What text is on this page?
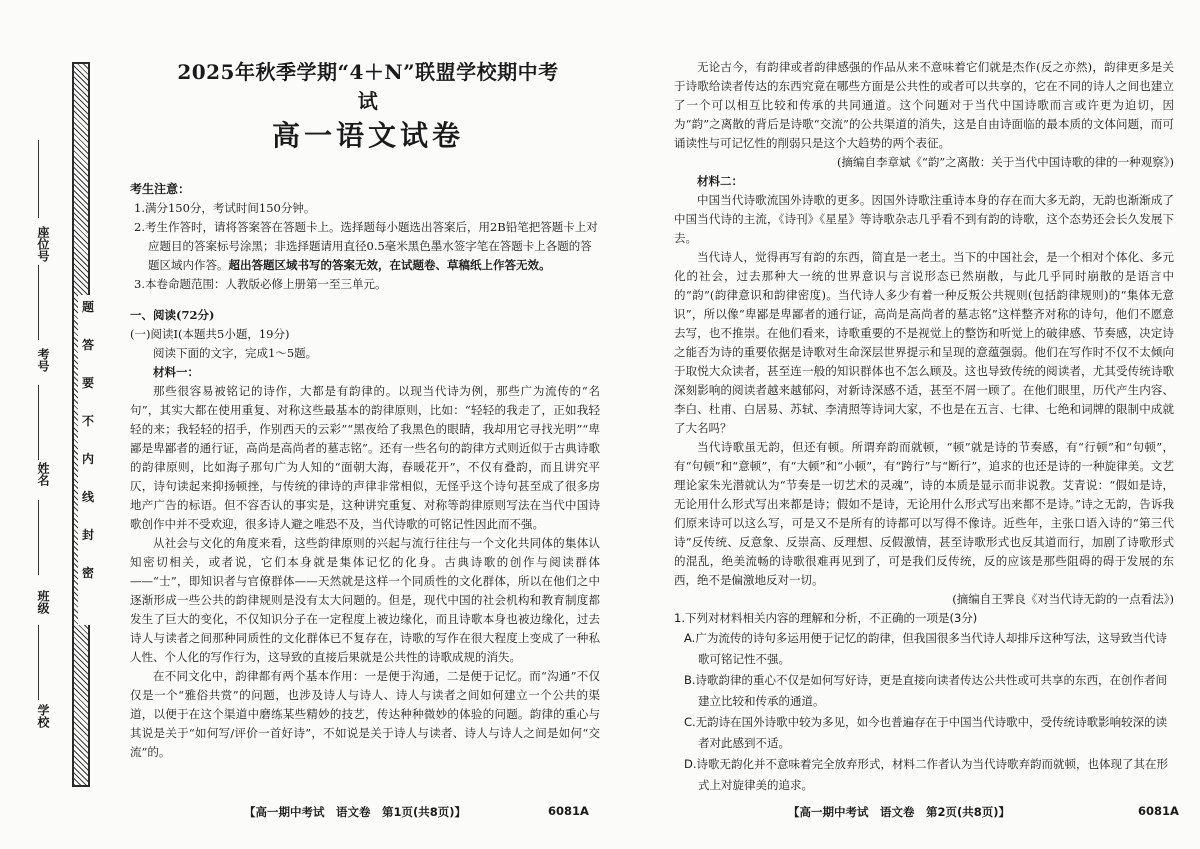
题
答
要
不
内
线
封
密
座位号
考号
姓名
班级
学校
2025年秋季学期“4＋N”联盟学校期中考试
高一语文试卷
考生注意：

1.满分150分，考试时间150分钟。

2.考生作答时，请将答案答在答题卡上。选择题每小题选出答案后，用2B铅笔把答题卡上对应题目的答案标号涂黑；非选择题请用直径0.5毫米黑色墨水签字笔在答题卡上各题的答题区域内作答。超出答题区域书写的答案无效，在试题卷、草稿纸上作答无效。

3.本卷命题范围：人教版必修上册第一至三单元。

一、阅读(72分)

(一)阅读Ⅰ(本题共5小题，19分)

阅读下面的文字，完成1～5题。

材料一：

那些很容易被铭记的诗作，大都是有韵律的。以现当代诗为例，那些广为流传的“名句”，其实大都在使用重复、对称这些最基本的韵律原则，比如：“轻轻的我走了，正如我轻轻的来；我轻轻的招手，作别西天的云彩”“黑夜给了我黑色的眼睛，我却用它寻找光明”“卑鄙是卑鄙者的通行证，高尚是高尚者的墓志铭”。还有一些名句的韵律方式则近似于古典诗歌的韵律原则，比如海子那句广为人知的“面朝大海，春暖花开”，不仅有叠韵，而且讲究平仄，诗句读起来抑扬顿挫，与传统的律诗的声律非常相似，无怪乎这个诗句甚至成了很多房地产广告的标语。但不容否认的事实是，这种讲究重复、对称等韵律原则写法在当代中国诗歌创作中并不受欢迎，很多诗人避之唯恐不及，当代诗歌的可铭记性因此而不强。

从社会与文化的角度来看，这些韵律原则的兴起与流行往往与一个文化共同体的集体认知密切相关，或者说，它们本身就是集体记忆的化身。古典诗歌的创作与阅读群体——“士”，即知识者与官僚群体——天然就是这样一个同质性的文化群体，所以在他们之中逐渐形成一些公共的韵律规则是没有太大问题的。但是，现代中国的社会机构和教育制度都发生了巨大的变化，不仅知识分子在一定程度上被边缘化，而且诗歌本身也被边缘化，过去诗人与读者之间那种同质性的文化群体已不复存在，诗歌的写作在很大程度上变成了一种私人性、个人化的写作行为，这导致的直接后果就是公共性的诗歌成规的消失。

在不同文化中，韵律都有两个基本作用：一是便于沟通，二是便于记忆。而“沟通”不仅仅是一个“雅俗共赏”的问题，也涉及诗人与诗人、诗人与读者之间如何建立一个公共的渠道，以便于在这个渠道中磨练某些精妙的技艺，传达种种微妙的体验的问题。韵律的重心与其说是关于“如何写/评价一首好诗”，不如说是关于诗人与读者、诗人与诗人之间是如何“交流”的。

【高一期中考试　语文卷　第1页(共8页)】	6081A

无论古今，有韵律或者韵律感强的作品从来不意味着它们就是杰作(反之亦然)，韵律更多是关于诗歌给读者传达的东西究竟在哪些方面是公共性的或者可以共享的，它在不同的诗人之间也建立了一个可以相互比较和传承的共同通道。这个问题对于当代中国诗歌而言或许更为迫切，因为“韵”之离散的背后是诗歌“交流”的公共渠道的消失，这是自由诗面临的最本质的文体问题，而可诵读性与可记忆性的削弱只是这个大趋势的两个表征。

(摘编自李章斌《“韵”之离散：关于当代中国诗歌的律的一种观察》)

材料二：

中国当代诗歌流国外诗歌的更多。因国外诗歌注重诗本身的存在而大多无韵，无韵也渐渐成了中国当代诗的主流，《诗刊》《星星》等诗歌杂志几乎看不到有韵的诗歌，这个态势还会长久发展下去。

当代诗人，觉得再写有韵的东西，简直是一老土。当下的中国社会，是一个相对个体化、多元化的社会，过去那种大一统的世界意识与言说形态已然崩散，与此几乎同时崩散的是语言中的“韵”(韵律意识和韵律密度)。当代诗人多少有着一种反叛公共规则(包括韵律规则)的“集体无意识”，所以像“卑鄙是卑鄙者的通行证，高尚是高尚者的墓志铭”这样整齐对称的诗句，他们不愿意去写，也不推崇。在他们看来，诗歌重要的不是视觉上的整饬和听觉上的破律感、节奏感，决定诗之能否为诗的重要依据是诗歌对生命深层世界提示和呈现的意蕴强弱。他们在写作时不仅不太倾向于取悦大众读者，甚至连一般的知识群体也不怎么顾及。这也导致传统的阅读者，尤其受传统诗歌深刻影响的阅读者越来越郁闷，对新诗深感不适，甚至不屑一顾了。在他们眼里，历代产生内容、李白、杜甫、白居易、苏轼、李清照等诗词大家，不也是在五言、七律、七绝和词牌的限制中成就了大名吗？

当代诗歌虽无韵，但还有顿。所谓弃韵而就顿，“顿”就是诗的节奏感，有“行顿”和“句顿”，有“句顿”和“意顿”，有“大顿”和“小顿”，有“跨行”与“断行”，追求的也还是诗的一种旋律美。文艺理论家朱光潜就认为“节奏是一切艺术的灵魂”，诗的本质是显示而非说教。艾青说：“假如是诗，无论用什么形式写出来都是诗；假如不是诗，无论用什么形式写出来都不是诗。”诗之无韵，告诉我们原来诗可以这么写，可是又不是所有的诗都可以写得不像诗。近些年，主张口语入诗的“第三代诗”反传统、反意象、反崇高、反理想、反假激情，甚至诗歌形式也反其道而行，加剧了诗歌形式的混乱，绝美流畅的诗歌很难再见到了，可是我们反传统，反的应该是那些阻碍的碍于发展的东西，绝不是偏激地反对一切。

(摘编自王霁良《对当代诗无韵的一点看法》)

1.下列对材料相关内容的理解和分析，不正确的一项是(3分)

A.广为流传的诗句多运用便于记忆的韵律，但我国很多当代诗人却排斥这种写法，这导致当代诗歌可铭记性不强。

B.诗歌韵律的重心不仅是如何写好诗，更是直接向读者传达公共性或可共享的东西，在创作者间建立比较和传承的通道。

C.无韵诗在国外诗歌中较为多见，如今也普遍存在于中国当代诗歌中，受传统诗歌影响较深的读者对此感到不适。

D.诗歌无韵化并不意味着完全放弃形式，材料二作者认为当代诗歌弃韵而就顿，也体现了其在形式上对旋律美的追求。

【高一期中考试　语文卷　第2页(共8页)】	6081A
